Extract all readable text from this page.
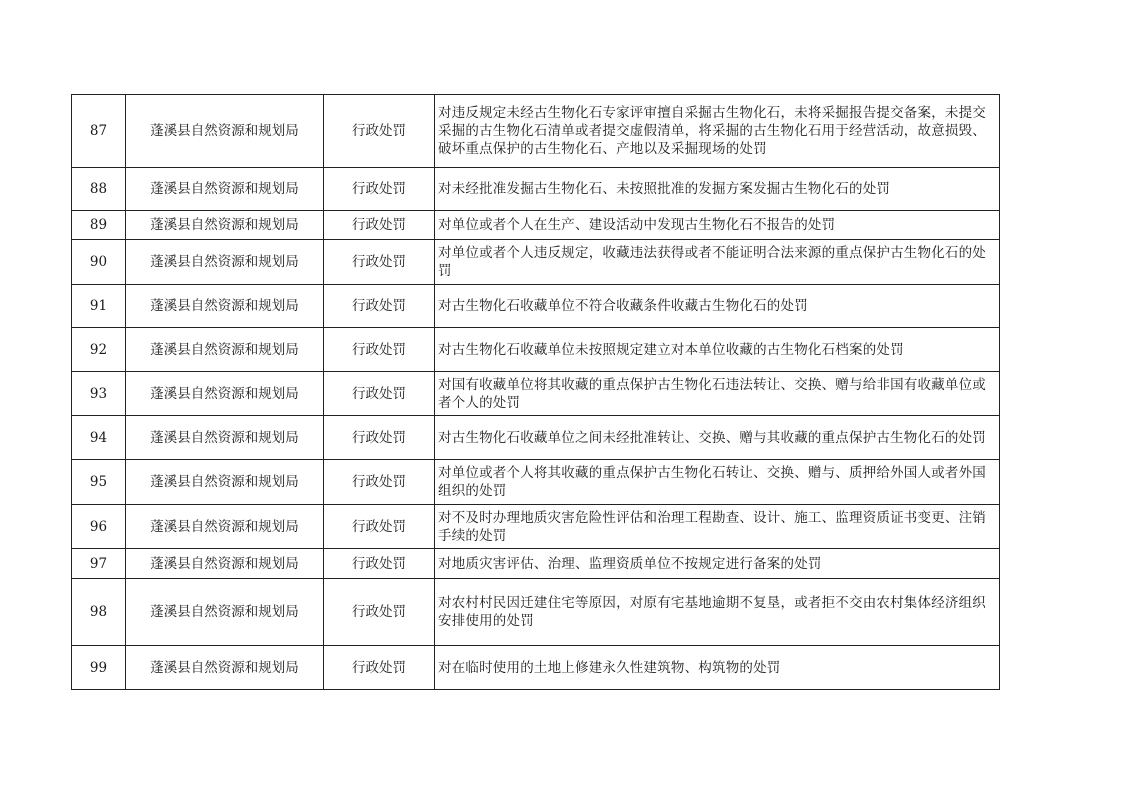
87	蓬溪县自然资源和规划局	行政处罚	对违反规定未经古生物化石专家评审擅自采掘古生物化石，未将采掘报告提交备案，未提交采掘的古生物化石清单或者提交虚假清单，将采掘的古生物化石用于经营活动，故意损毁、破坏重点保护的古生物化石、产地以及采掘现场的处罚
88	蓬溪县自然资源和规划局	行政处罚	对未经批准发掘古生物化石、未按照批准的发掘方案发掘古生物化石的处罚
89	蓬溪县自然资源和规划局	行政处罚	对单位或者个人在生产、建设活动中发现古生物化石不报告的处罚
90	蓬溪县自然资源和规划局	行政处罚	对单位或者个人违反规定，收藏违法获得或者不能证明合法来源的重点保护古生物化石的处罚
91	蓬溪县自然资源和规划局	行政处罚	对古生物化石收藏单位不符合收藏条件收藏古生物化石的处罚
92	蓬溪县自然资源和规划局	行政处罚	对古生物化石收藏单位未按照规定建立对本单位收藏的古生物化石档案的处罚
93	蓬溪县自然资源和规划局	行政处罚	对国有收藏单位将其收藏的重点保护古生物化石违法转让、交换、赠与给非国有收藏单位或者个人的处罚
94	蓬溪县自然资源和规划局	行政处罚	对古生物化石收藏单位之间未经批准转让、交换、赠与其收藏的重点保护古生物化石的处罚
95	蓬溪县自然资源和规划局	行政处罚	对单位或者个人将其收藏的重点保护古生物化石转让、交换、赠与、质押给外国人或者外国组织的处罚
96	蓬溪县自然资源和规划局	行政处罚	对不及时办理地质灾害危险性评估和治理工程勘查、设计、施工、监理资质证书变更、注销手续的处罚
97	蓬溪县自然资源和规划局	行政处罚	对地质灾害评估、治理、监理资质单位不按规定进行备案的处罚
98	蓬溪县自然资源和规划局	行政处罚	对农村村民因迁建住宅等原因，对原有宅基地逾期不复垦，或者拒不交由农村集体经济组织安排使用的处罚
99	蓬溪县自然资源和规划局	行政处罚	对在临时使用的土地上修建永久性建筑物、构筑物的处罚
